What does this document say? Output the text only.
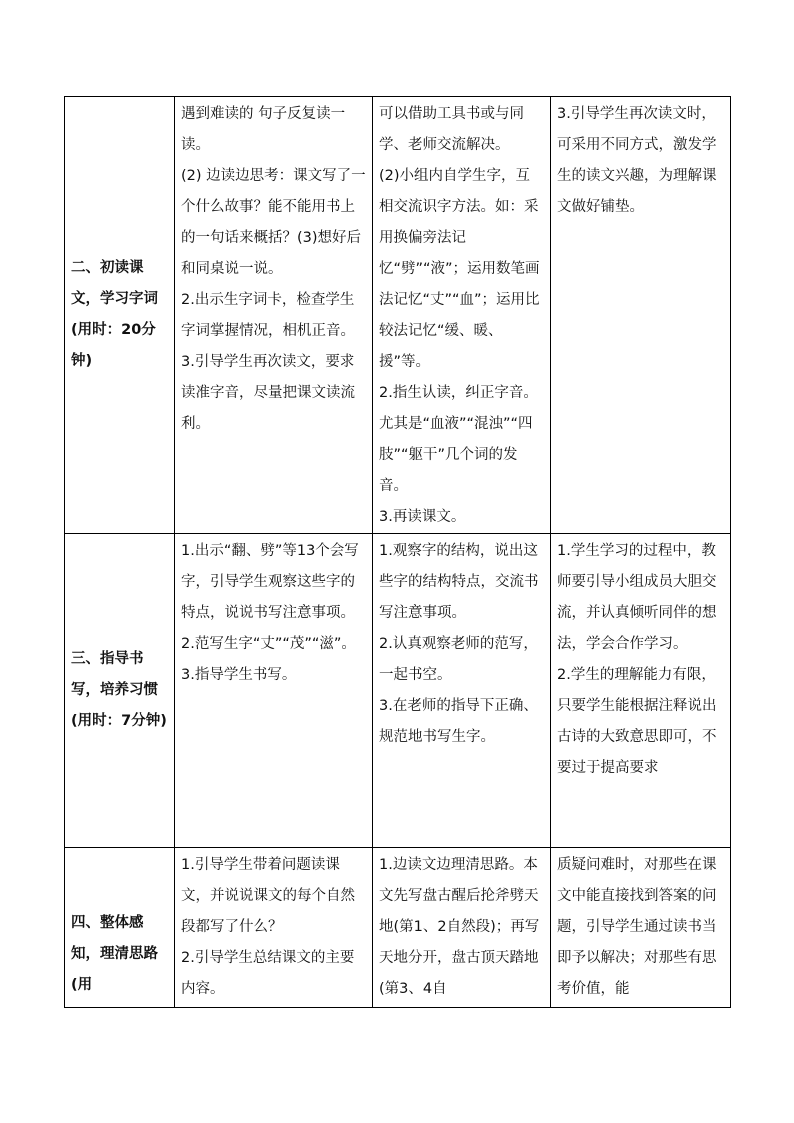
二、初读课文，学习字词(用时：20分钟)	遇到难读的 句子反复读一读。
(2) 边读边思考：课文写了一个什么故事？能不能用书上的一句话来概括？(3)想好后和同桌说一说。
2.出示生字词卡，检查学生字词掌握情况，相机正音。
3.引导学生再次读文，要求读准字音，尽量把课文读流利。	可以借助工具书或与同学、老师交流解决。
(2)小组内自学生字，互相交流识字方法。如：采用换偏旁法记忆“劈”“液”；运用数笔画法记忆“丈”“血”；运用比较法记忆“缓、暖、援”等。
2.指生认读，纠正字音。尤其是“血液”“混浊”“四 肢”“躯干”几个词的发音。
3.再读课文。	3.引导学生再次读文时，可采用不同方式，激发学生的读文兴趣，为理解课文做好铺垫。

三、指导书写，培养习惯(用时：7分钟)	1.出示“翻、劈”等13个会写字，引导学生观察这些字的特点，说说书写注意事项。
2.范写生字“丈”“茂”“滋”。
3.指导学生书写。	1.观察字的结构，说出这些字的结构特点，交流书写注意事项。
2.认真观察老师的范写，一起书空。
3.在老师的指导下正确、规范地书写生字。	1.学生学习的过程中，教师要引导小组成员大胆交流，并认真倾听同伴的想法，学会合作学习。
2.学生的理解能力有限，只要学生能根据注释说出古诗的大致意思即可，不要过于提高要求

四、整体感知，理清思路(用	1.引导学生带着问题读课文，并说说课文的每个自然段都写了什么？
2.引导学生总结课文的主要内容。	1.边读文边理清思路。本文先写盘古醒后抡斧劈天地(第1、2自然段)；再写天地分开，盘古顶天踏地(第3、4自	质疑问难时，对那些在课文中能直接找到答案的问题，引导学生通过读书当即予以解决；对那些有思考价值，能
